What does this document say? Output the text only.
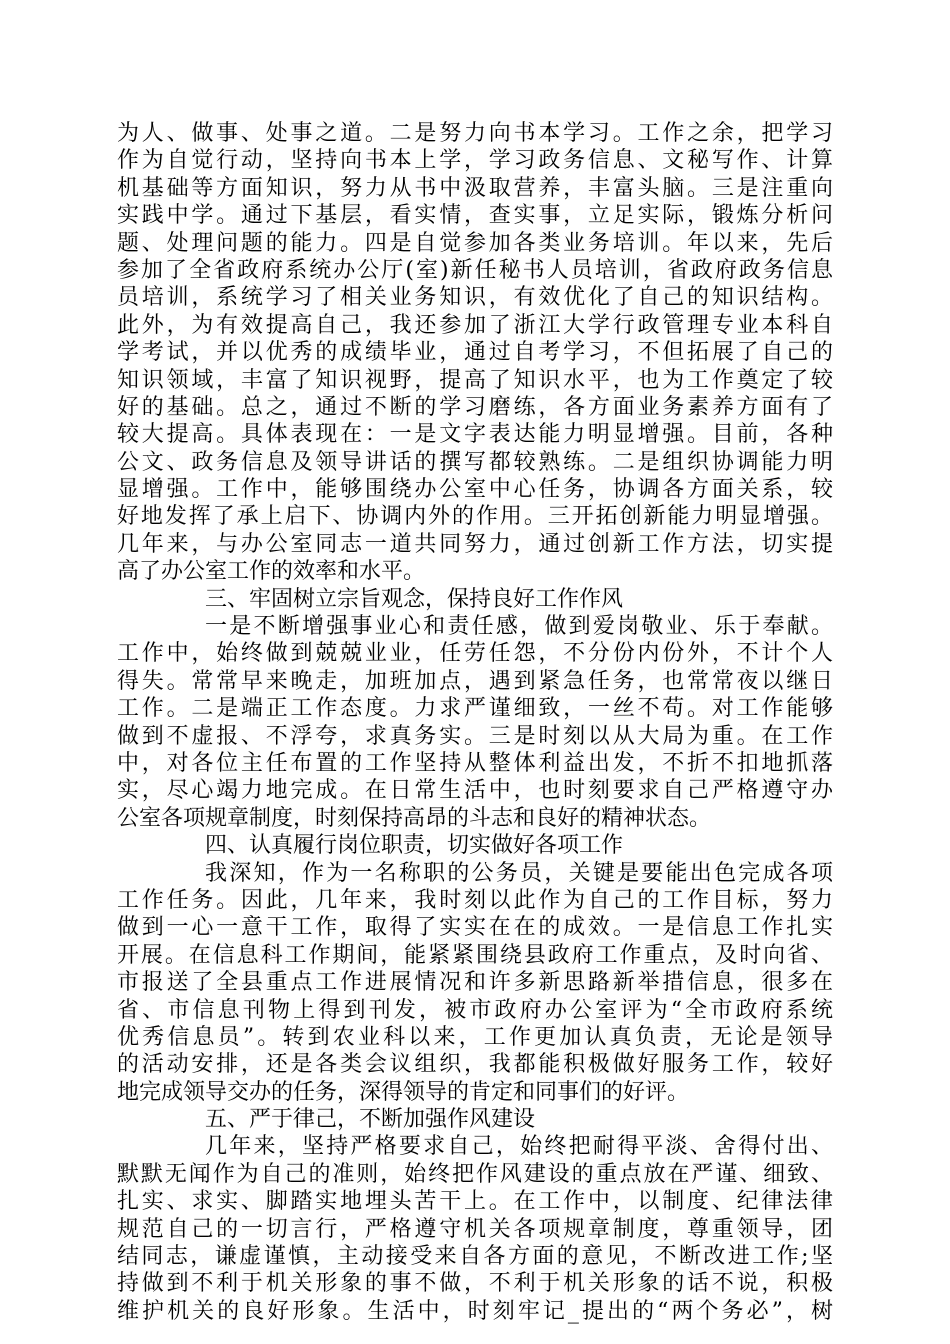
为人、做事、处事之道。二是努力向书本学习。工作之余，把学习
作为自觉行动，坚持向书本上学，学习政务信息、文秘写作、计算
机基础等方面知识，努力从书中汲取营养，丰富头脑。三是注重向
实践中学。通过下基层，看实情，查实事，立足实际，锻炼分析问
题、处理问题的能力。四是自觉参加各类业务培训。年以来，先后
参加了全省政府系统办公厅(室)新任秘书人员培训，省政府政务信息
员培训，系统学习了相关业务知识，有效优化了自己的知识结构。
此外，为有效提高自己，我还参加了浙江大学行政管理专业本科自
学考试，并以优秀的成绩毕业，通过自考学习，不但拓展了自己的
知识领域，丰富了知识视野，提高了知识水平，也为工作奠定了较
好的基础。总之，通过不断的学习磨练，各方面业务素养方面有了
较大提高。具体表现在：一是文字表达能力明显增强。目前，各种
公文、政务信息及领导讲话的撰写都较熟练。二是组织协调能力明
显增强。工作中，能够围绕办公室中心任务，协调各方面关系，较
好地发挥了承上启下、协调内外的作用。三开拓创新能力明显增强。
几年来，与办公室同志一道共同努力，通过创新工作方法，切实提
高了办公室工作的效率和水平。
三、牢固树立宗旨观念，保持良好工作作风
一是不断增强事业心和责任感，做到爱岗敬业、乐于奉献。
工作中，始终做到兢兢业业，任劳任怨，不分份内份外，不计个人
得失。常常早来晚走，加班加点，遇到紧急任务，也常常夜以继日
工作。二是端正工作态度。力求严谨细致，一丝不苟。对工作能够
做到不虚报、不浮夸，求真务实。三是时刻以从大局为重。在工作
中，对各位主任布置的工作坚持从整体利益出发，不折不扣地抓落
实，尽心竭力地完成。在日常生活中，也时刻要求自己严格遵守办
公室各项规章制度，时刻保持高昂的斗志和良好的精神状态。
四、认真履行岗位职责，切实做好各项工作
我深知，作为一名称职的公务员，关键是要能出色完成各项
工作任务。因此，几年来，我时刻以此作为自己的工作目标，努力
做到一心一意干工作，取得了实实在在的成效。一是信息工作扎实
开展。在信息科工作期间，能紧紧围绕县政府工作重点，及时向省、
市报送了全县重点工作进展情况和许多新思路新举措信息，很多在
省、市信息刊物上得到刊发，被市政府办公室评为“全市政府系统
优秀信息员”。转到农业科以来，工作更加认真负责，无论是领导
的活动安排，还是各类会议组织，我都能积极做好服务工作，较好
地完成领导交办的任务，深得领导的肯定和同事们的好评。
五、严于律己，不断加强作风建设
几年来，坚持严格要求自己，始终把耐得平淡、舍得付出、
默默无闻作为自己的准则，始终把作风建设的重点放在严谨、细致、
扎实、求实、脚踏实地埋头苦干上。在工作中，以制度、纪律法律
规范自己的一切言行，严格遵守机关各项规章制度，尊重领导，团
结同志，谦虚谨慎，主动接受来自各方面的意见，不断改进工作;坚
持做到不利于机关形象的事不做，不利于机关形象的话不说，积极
维护机关的良好形象。生活中，时刻牢记_提出的“两个务必”，树
